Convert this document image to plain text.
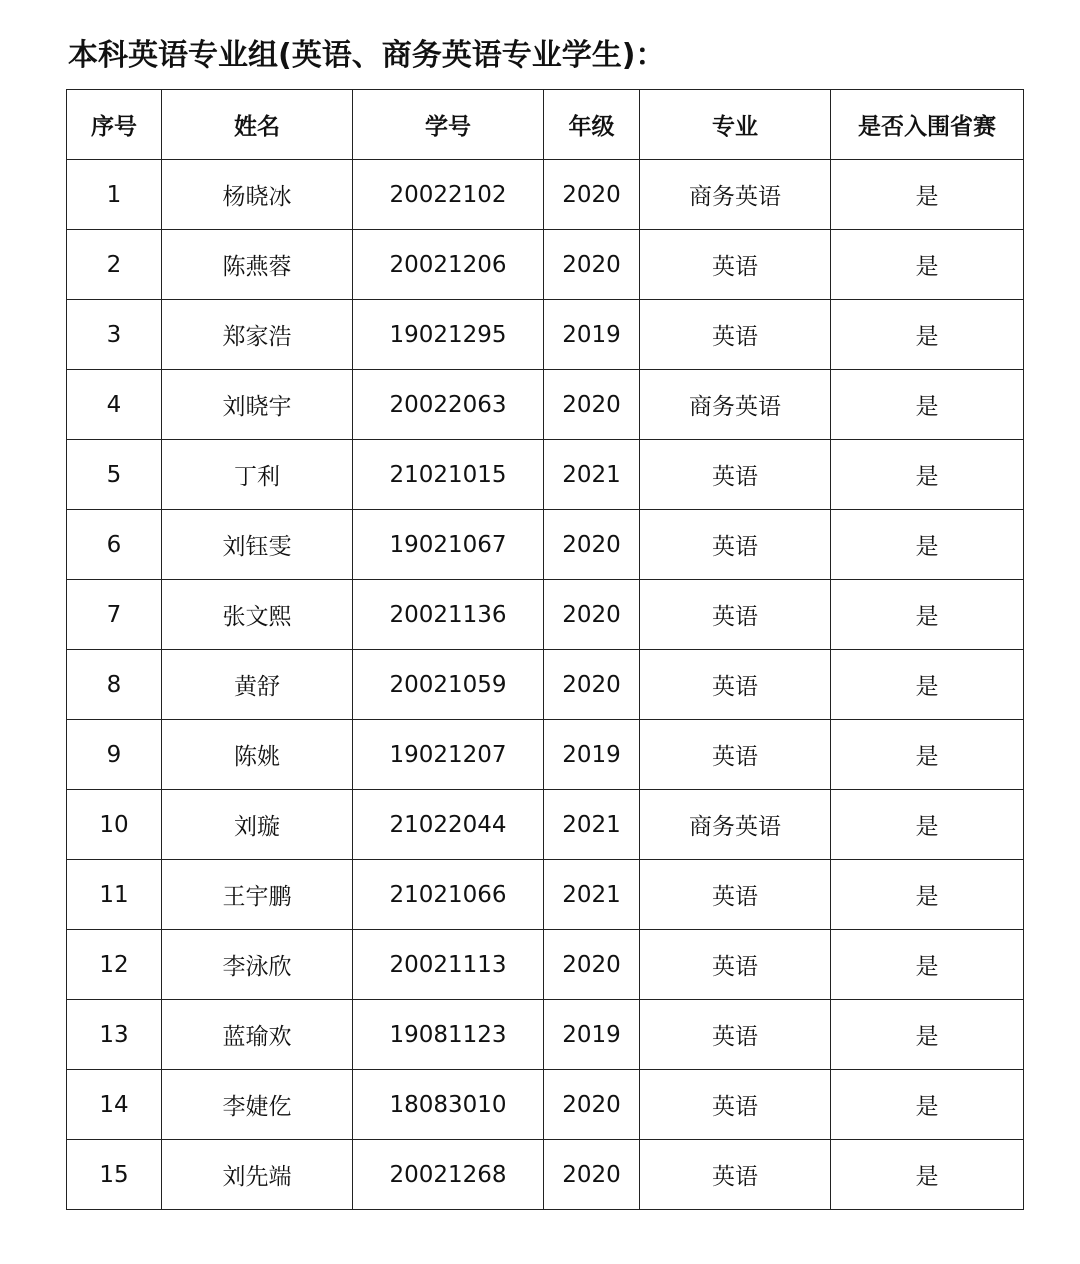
本科英语专业组(英语、商务英语专业学生)：
序号	姓名	学号	年级	专业	是否入围省赛
1	杨晓冰	20022102	2020	商务英语	是
2	陈燕蓉	20021206	2020	英语	是
3	郑家浩	19021295	2019	英语	是
4	刘晓宇	20022063	2020	商务英语	是
5	丁利	21021015	2021	英语	是
6	刘钰雯	19021067	2020	英语	是
7	张文熙	20021136	2020	英语	是
8	黄舒	20021059	2020	英语	是
9	陈姚	19021207	2019	英语	是
10	刘璇	21022044	2021	商务英语	是
11	王宇鹏	21021066	2021	英语	是
12	李泳欣	20021113	2020	英语	是
13	蓝瑜欢	19081123	2019	英语	是
14	李婕仡	18083010	2020	英语	是
15	刘先端	20021268	2020	英语	是
